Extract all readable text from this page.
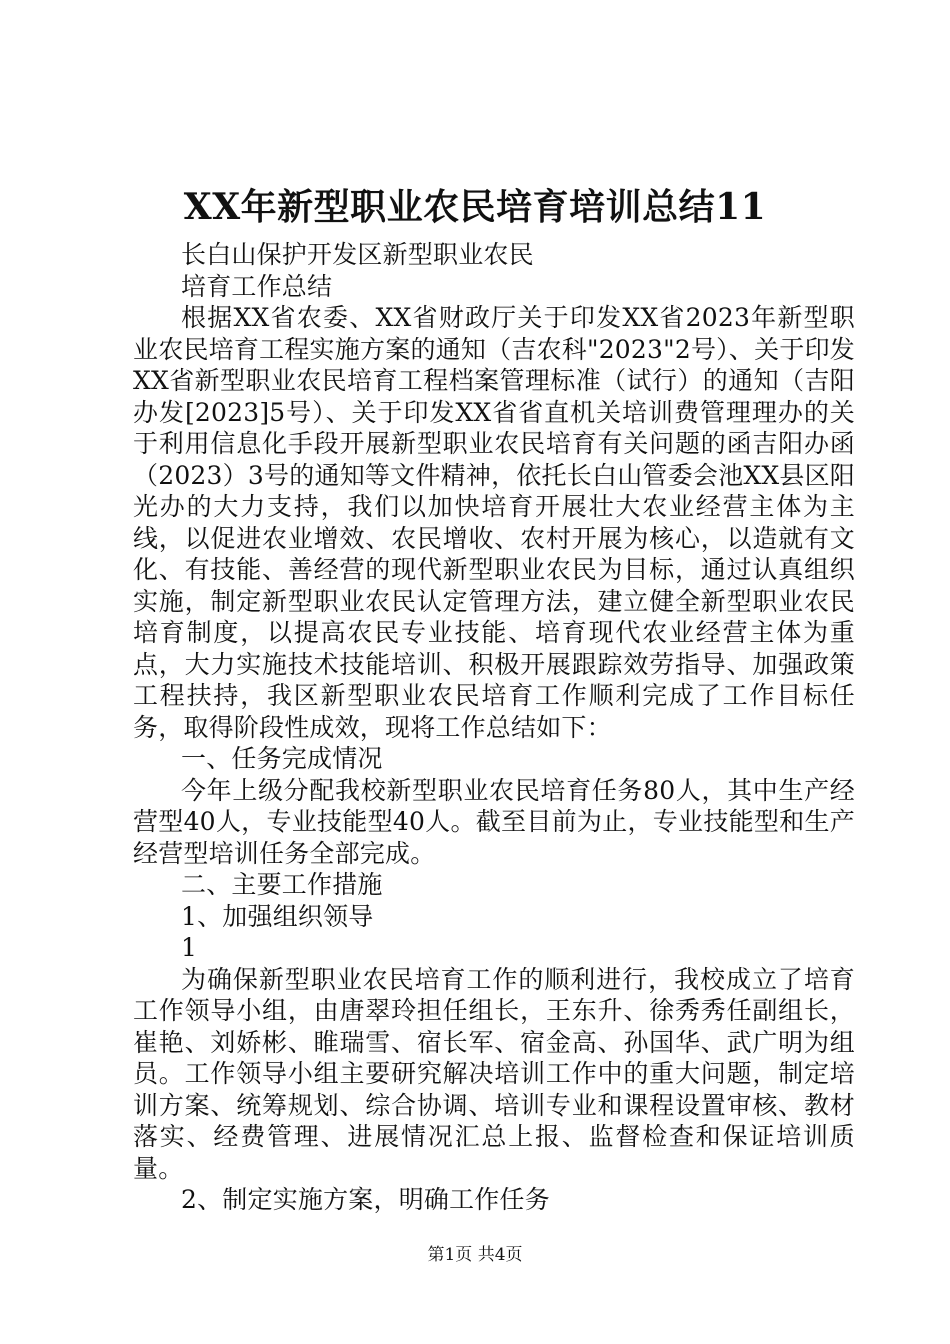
XX年新型职业农民培育培训总结11

长白山保护开发区新型职业农民

培育工作总结

根据XX省农委、XX省财政厅关于印发XX省2023年新型职业农民培育工程实施方案的通知（吉农科"2023"2号）、关于印发XX省新型职业农民培育工程档案管理标准（试行）的通知（吉阳办发[2023]5号）、关于印发XX省省直机关培训费管理理办的关于利用信息化手段开展新型职业农民培育有关问题的函吉阳办函（2023）3号的通知等文件精神，依托长白山管委会池XX县区阳光办的大力支持，我们以加快培育开展壮大农业经营主体为主线，以促进农业增效、农民增收、农村开展为核心，以造就有文化、有技能、善经营的现代新型职业农民为目标，通过认真组织实施，制定新型职业农民认定管理方法，建立健全新型职业农民培育制度，以提高农民专业技能、培育现代农业经营主体为重点，大力实施技术技能培训、积极开展跟踪效劳指导、加强政策工程扶持，我区新型职业农民培育工作顺利完成了工作目标任务，取得阶段性成效，现将工作总结如下：

一、任务完成情况

今年上级分配我校新型职业农民培育任务80人，其中生产经营型40人，专业技能型40人。截至目前为止，专业技能型和生产经营型培训任务全部完成。

二、主要工作措施

1、加强组织领导

1

为确保新型职业农民培育工作的顺利进行，我校成立了培育工作领导小组，由唐翠玲担任组长，王东升、徐秀秀任副组长，崔艳、刘娇彬、睢瑞雪、宿长军、宿金高、孙国华、武广明为组员。工作领导小组主要研究解决培训工作中的重大问题，制定培训方案、统筹规划、综合协调、培训专业和课程设置审核、教材落实、经费管理、进展情况汇总上报、监督检查和保证培训质量。

2、制定实施方案，明确工作任务

第1页 共4页
